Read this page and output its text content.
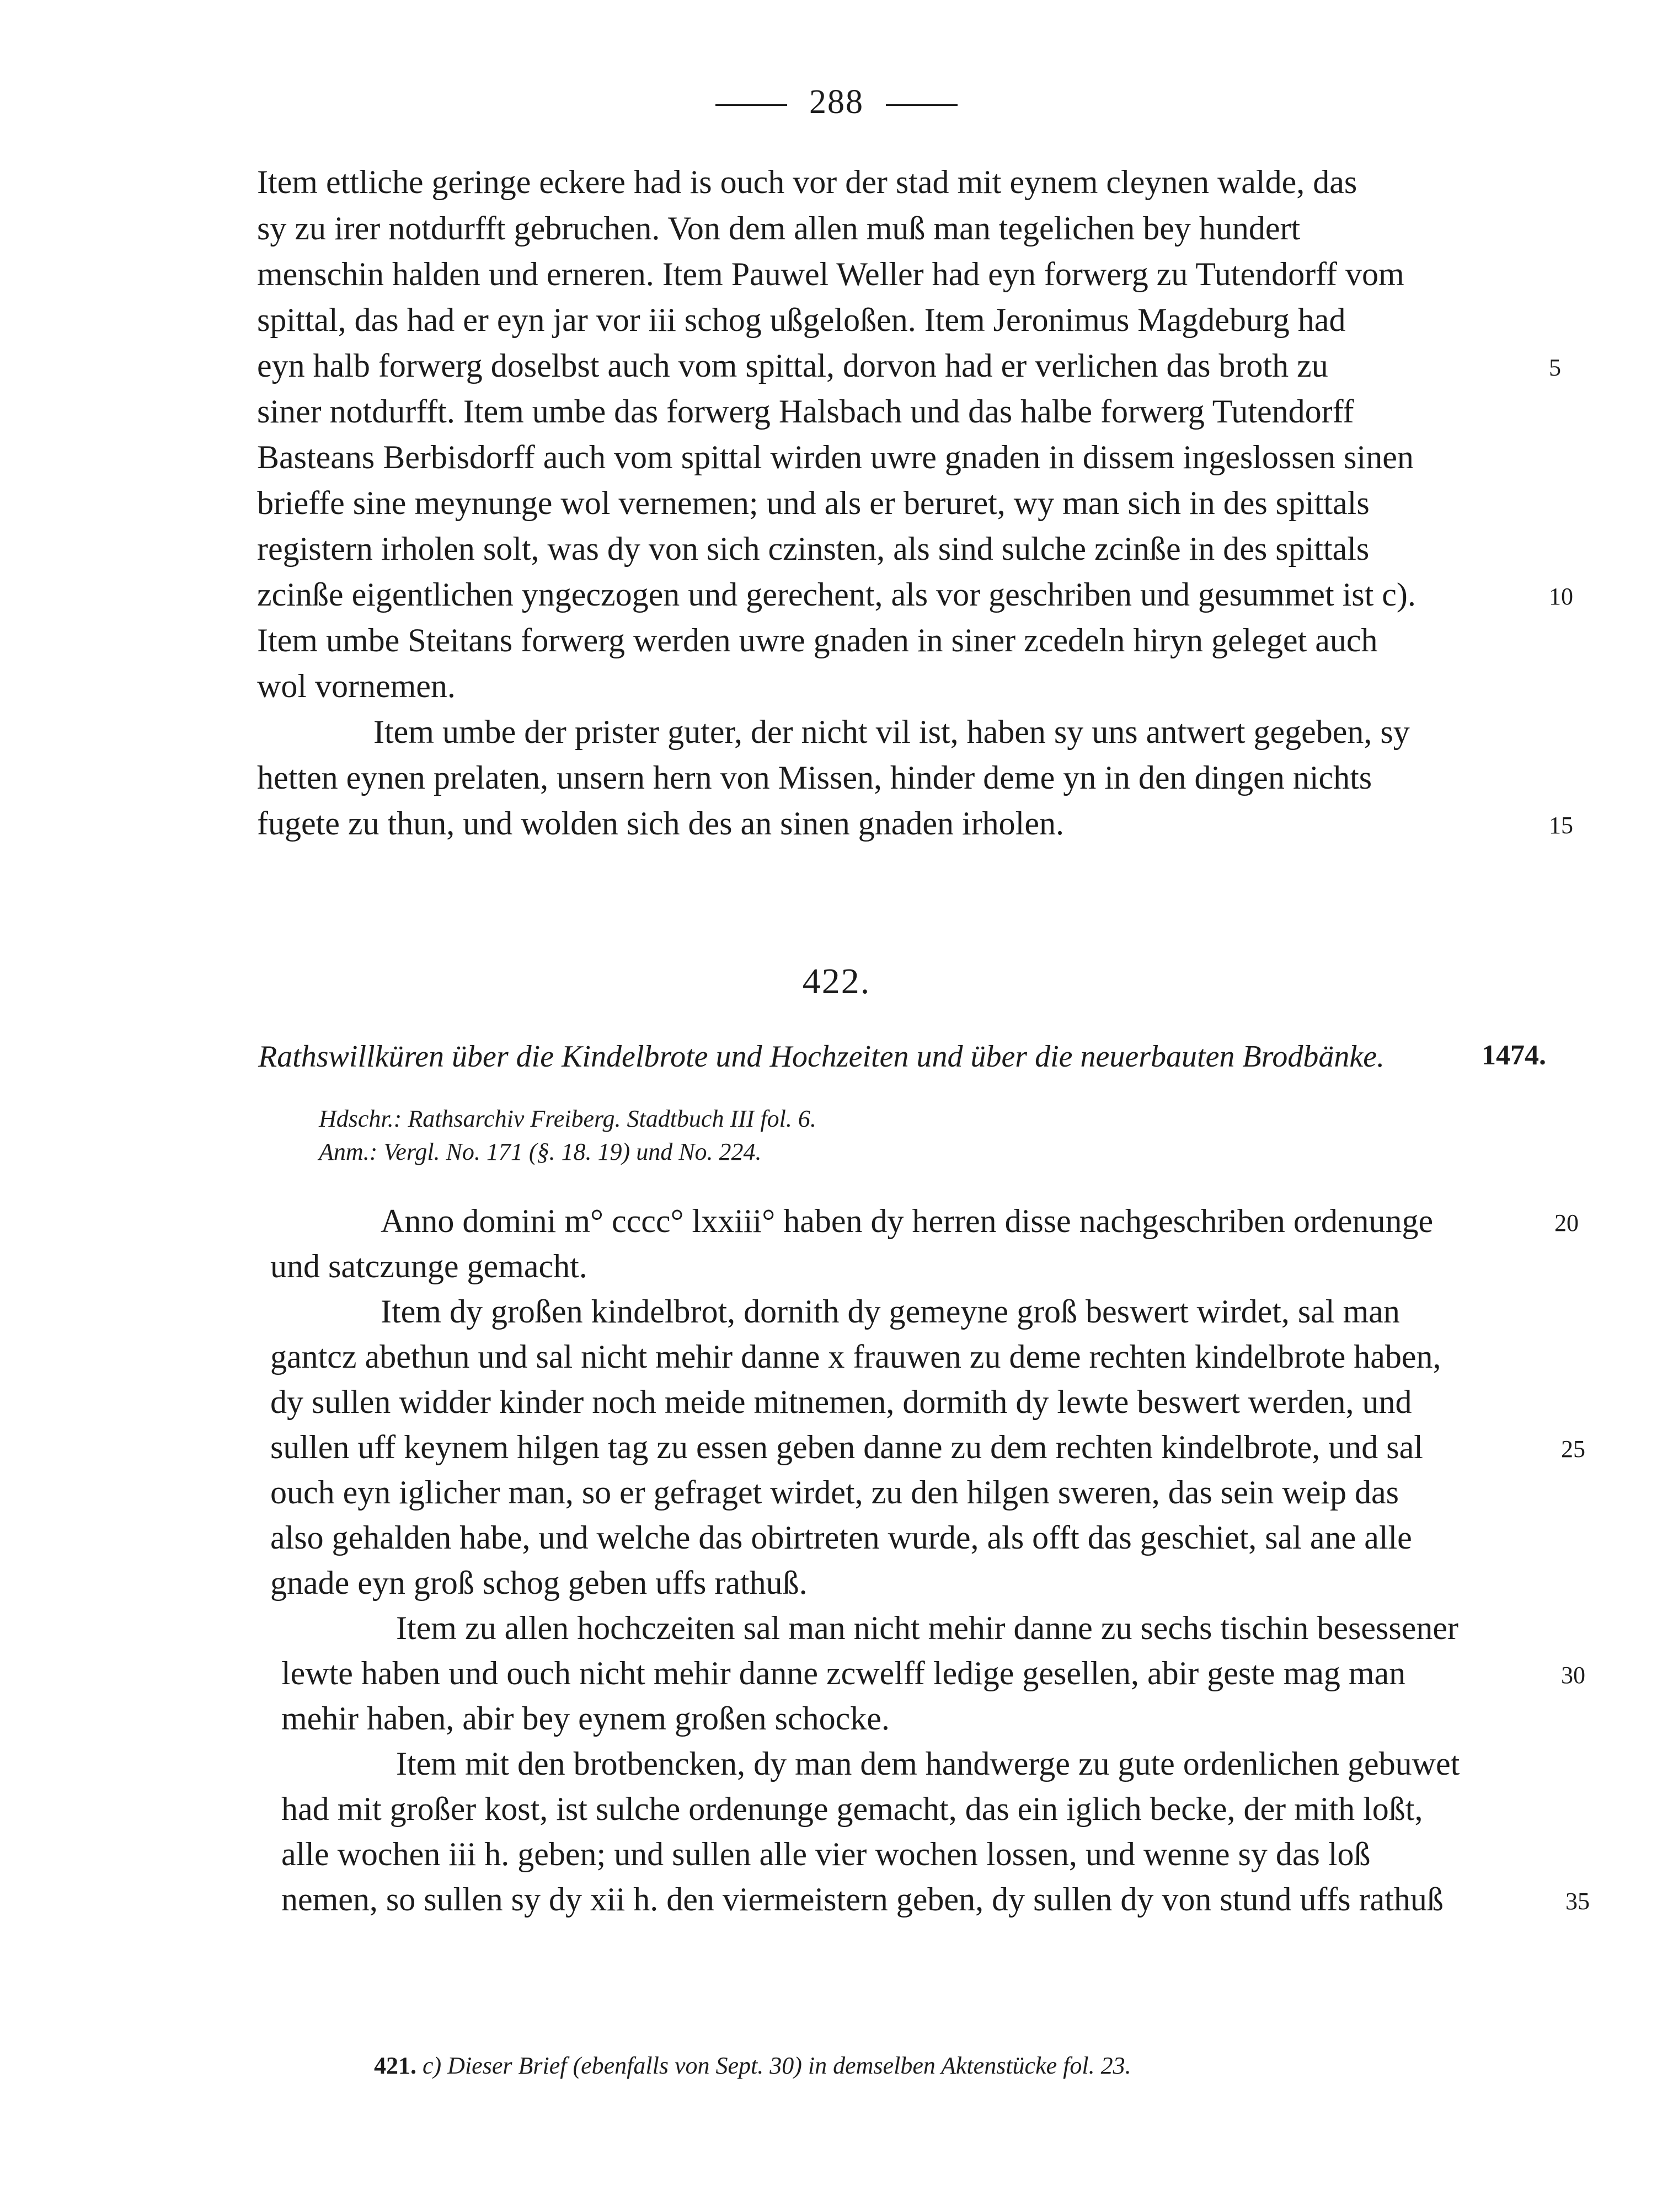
288
Item ettliche geringe eckere had is ouch vor der stad mit eynem cleynen walde, das
sy zu irer notdurfft gebruchen. Von dem allen muß man tegelichen bey hundert
menschin halden und erneren. Item Pauwel Weller had eyn forwerg zu Tutendorff vom
spittal, das had er eyn jar vor iii schog ußgeloßen. Item Jeronimus Magdeburg had
eyn halb forwerg doselbst auch vom spittal, dorvon had er verlichen das broth zu
siner notdurfft. Item umbe das forwerg Halsbach und das halbe forwerg Tutendorff
Basteans Berbisdorff auch vom spittal wirden uwre gnaden in dissem ingeslossen sinen
brieffe sine meynunge wol vernemen; und als er beruret, wy man sich in des spittals
registern irholen solt, was dy von sich czinsten, als sind sulche zcinße in des spittals
zcinße eigentlichen yngeczogen und gerechent, als vor geschriben und gesummet ist c).
Item umbe Steitans forwerg werden uwre gnaden in siner zcedeln hiryn geleget auch
wol vornemen.
Item umbe der prister guter, der nicht vil ist, haben sy uns antwert gegeben, sy
hetten eynen prelaten, unsern hern von Missen, hinder deme yn in den dingen nichts
fugete zu thun, und wolden sich des an sinen gnaden irholen.
5
10
15
422.
Rathswillküren über die Kindelbrote und Hochzeiten und über die neuerbauten Brodbänke.	1474.
Hdschr.: Rathsarchiv Freiberg. Stadtbuch III fol. 6.
Anm.: Vergl. No. 171 (§. 18. 19) und No. 224.
Anno domini m° cccc° lxxiii° haben dy herren disse nachgeschriben ordenunge
und satczunge gemacht.
Item dy großen kindelbrot, dornith dy gemeyne groß beswert wirdet, sal man
gantcz abethun und sal nicht mehir danne x frauwen zu deme rechten kindelbrote haben,
dy sullen widder kinder noch meide mitnemen, dormith dy lewte beswert werden, und
sullen uff keynem hilgen tag zu essen geben danne zu dem rechten kindelbrote, und sal
ouch eyn iglicher man, so er gefraget wirdet, zu den hilgen sweren, das sein weip das
also gehalden habe, und welche das obirtreten wurde, als offt das geschiet, sal ane alle
gnade eyn groß schog geben uffs rathuß.
Item zu allen hochczeiten sal man nicht mehir danne zu sechs tischin besessener
lewte haben und ouch nicht mehir danne zcwelff ledige gesellen, abir geste mag man
mehir haben, abir bey eynem großen schocke.
Item mit den brotbencken, dy man dem handwerge zu gute ordenlichen gebuwet
had mit großer kost, ist sulche ordenunge gemacht, das ein iglich becke, der mith loßt,
alle wochen iii h. geben; und sullen alle vier wochen lossen, und wenne sy das loß
nemen, so sullen sy dy xii h. den viermeistern geben, dy sullen dy von stund uffs rathuß
20
25
30
35
421. c) Dieser Brief (ebenfalls von Sept. 30) in demselben Aktenstücke fol. 23.
